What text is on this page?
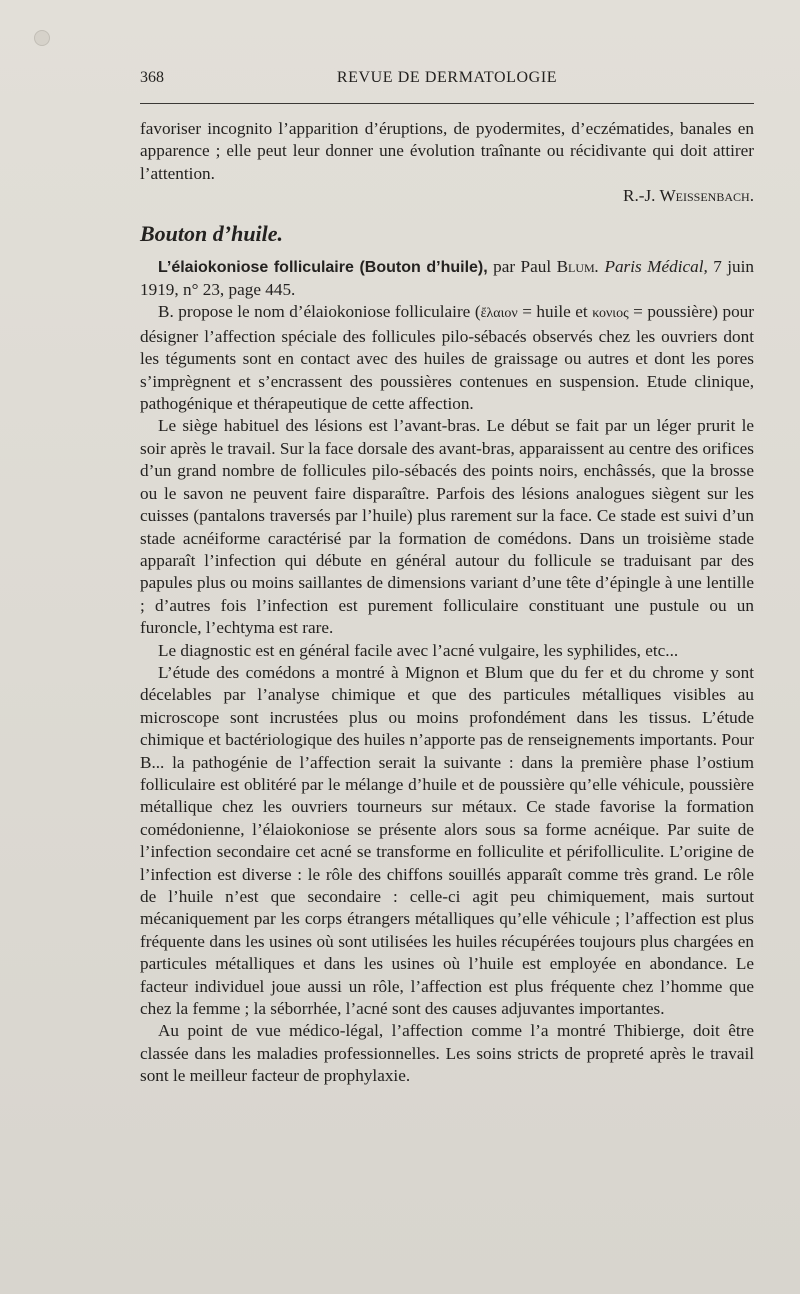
368	REVUE DE DERMATOLOGIE

favoriser incognito l’apparition d’éruptions, de pyodermites, d’eczématides, banales en apparence ; elle peut leur donner une évolution traînante ou récidivante qui doit attirer l’attention.

R.-J. Weissenbach.

Bouton d’huile.

L’élaiokoniose folliculaire (Bouton d’huile), par Paul Blum. Paris Médical, 7 juin 1919, n° 23, page 445.

B. propose le nom d’élaiokoniose folliculaire (ἔλαιον = huile et κονιος = poussière) pour désigner l’affection spéciale des follicules pilo-sébacés observés chez les ouvriers dont les téguments sont en contact avec des huiles de graissage ou autres et dont les pores s’imprègnent et s’encrassent des poussières contenues en suspension. Etude clinique, pathogénique et thérapeutique de cette affection.

Le siège habituel des lésions est l’avant-bras. Le début se fait par un léger prurit le soir après le travail. Sur la face dorsale des avant-bras, apparaissent au centre des orifices d’un grand nombre de follicules pilo-sébacés des points noirs, enchâssés, que la brosse ou le savon ne peuvent faire disparaître. Parfois des lésions analogues siègent sur les cuisses (pantalons traversés par l’huile) plus rarement sur la face. Ce stade est suivi d’un stade acnéiforme caractérisé par la formation de comédons. Dans un troisième stade apparaît l’infection qui débute en général autour du follicule se traduisant par des papules plus ou moins saillantes de dimensions variant d’une tête d’épingle à une lentille ; d’autres fois l’infection est purement folliculaire constituant une pustule ou un furoncle, l’echtyma est rare.

Le diagnostic est en général facile avec l’acné vulgaire, les syphilides, etc...

L’étude des comédons a montré à Mignon et Blum que du fer et du chrome y sont décelables par l’analyse chimique et que des particules métalliques visibles au microscope sont incrustées plus ou moins profondément dans les tissus. L’étude chimique et bactériologique des huiles n’apporte pas de renseignements importants. Pour B... la pathogénie de l’affection serait la suivante : dans la première phase l’ostium folliculaire est oblitéré par le mélange d’huile et de poussière qu’elle véhicule, poussière métallique chez les ouvriers tourneurs sur métaux. Ce stade favorise la formation comédonienne, l’élaiokoniose se présente alors sous sa forme acnéique. Par suite de l’infection secondaire cet acné se transforme en folliculite et périfolliculite. L’origine de l’infection est diverse : le rôle des chiffons souillés apparaît comme très grand. Le rôle de l’huile n’est que secondaire : celle-ci agit peu chimiquement, mais surtout mécaniquement par les corps étrangers métalliques qu’elle véhicule ; l’affection est plus fréquente dans les usines où sont utilisées les huiles récupérées toujours plus chargées en particules métalliques et dans les usines où l’huile est employée en abondance. Le facteur individuel joue aussi un rôle, l’affection est plus fréquente chez l’homme que chez la femme ; la séborrhée, l’acné sont des causes adjuvantes importantes.

Au point de vue médico-légal, l’affection comme l’a montré Thibierge, doit être classée dans les maladies professionnelles. Les soins stricts de propreté après le travail sont le meilleur facteur de prophylaxie.
